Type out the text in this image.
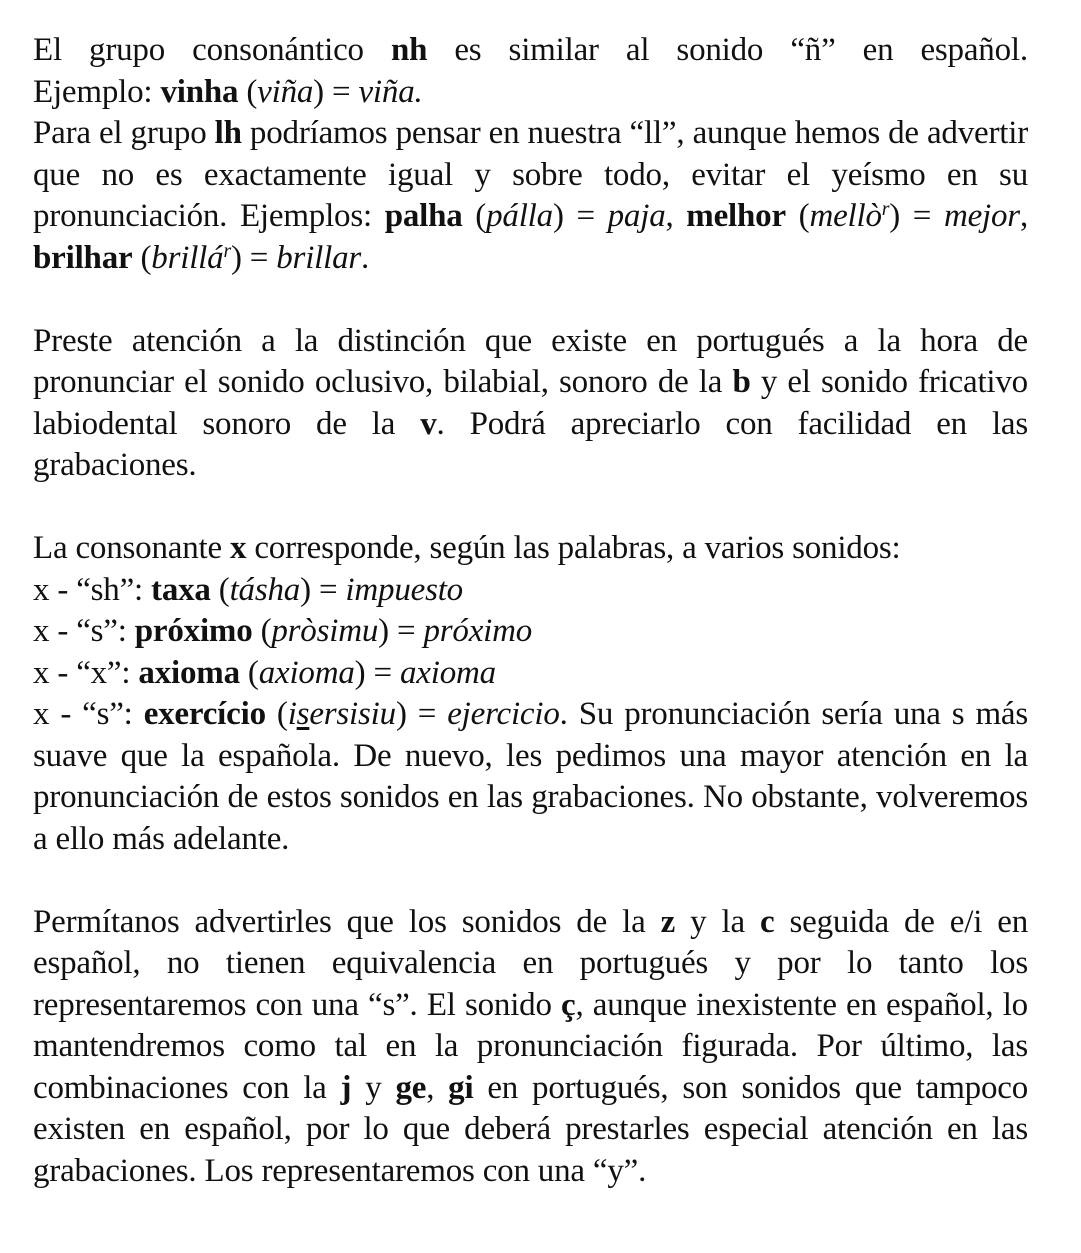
El grupo consonántico nh es similar al sonido “ñ” en español.
Ejemplo: vinha (viña) = viña.

Para el grupo lh podríamos pensar en nuestra “ll”, aunque hemos de advertir que no es exactamente igual y sobre todo, evitar el yeísmo en su pronunciación. Ejemplos: palha (pálla) = paja, melhor (mellò$^r$) = mejor, brilhar (brillá$^r$) = brillar.

Preste atención a la distinción que existe en portugués a la hora de pronunciar el sonido oclusivo, bilabial, sonoro de la b y el sonido fricativo labiodental sonoro de la v. Podrá apreciarlo con facilidad en las grabaciones.

La consonante x corresponde, según las palabras, a varios sonidos:
x - “sh”: taxa (tásha) = impuesto
x - “s”: próximo (pròsimu) = próximo
x - “x”: axioma (axioma) = axioma

x - “s”: exercício (isersisiu) = ejercicio. Su pronunciación sería una s más suave que la española. De nuevo, les pedimos una mayor atención en la pronunciación de estos sonidos en las grabaciones. No obstante, volveremos a ello más adelante.

Permítanos advertirles que los sonidos de la z y la c seguida de e/i en español, no tienen equivalencia en portugués y por lo tanto los representaremos con una “s”. El sonido ç, aunque inexistente en español, lo mantendremos como tal en la pronunciación figurada. Por último, las combinaciones con la j y ge, gi en portugués, son sonidos que tampoco existen en español, por lo que deberá prestarles especial atención en las grabaciones. Los representaremos con una “y”.
